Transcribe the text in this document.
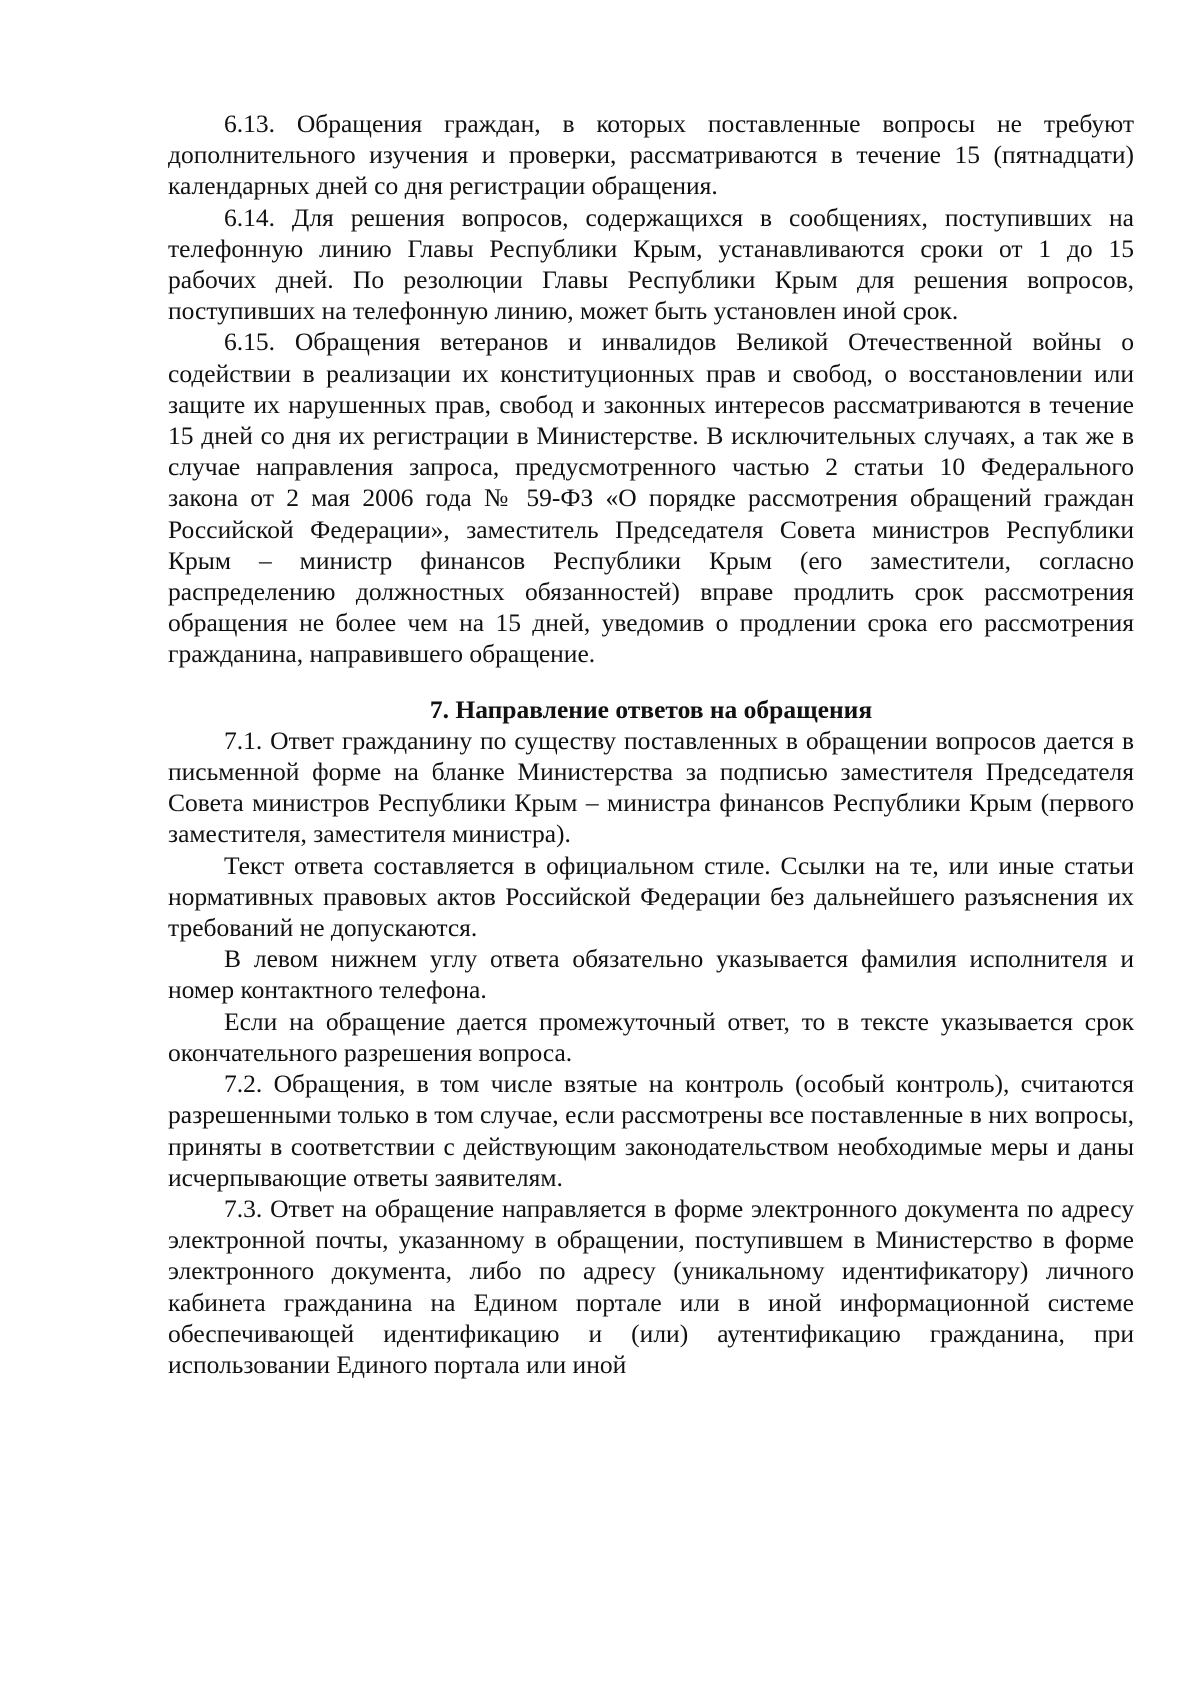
6.13. Обращения граждан, в которых поставленные вопросы не требуют дополнительного изучения и проверки, рассматриваются в течение 15 (пятнадцати) календарных дней со дня регистрации обращения.

6.14. Для решения вопросов, содержащихся в сообщениях, поступивших на телефонную линию Главы Республики Крым, устанавливаются сроки от 1 до 15 рабочих дней. По резолюции Главы Республики Крым для решения вопросов, поступивших на телефонную линию, может быть установлен иной срок.

6.15. Обращения ветеранов и инвалидов Великой Отечественной войны о содействии в реализации их конституционных прав и свобод, о восстановлении или защите их нарушенных прав, свобод и законных интересов рассматриваются в течение 15 дней со дня их регистрации в Министерстве. В исключительных случаях, а так же в случае направления запроса, предусмотренного частью 2 статьи 10 Федерального закона от 2 мая 2006 года № 59-ФЗ «О порядке рассмотрения обращений граждан Российской Федерации», заместитель Председателя Совета министров Республики Крым – министр финансов Республики Крым (его заместители, согласно распределению должностных обязанностей) вправе продлить срок рассмотрения обращения не более чем на 15 дней, уведомив о продлении срока его рассмотрения гражданина, направившего обращение.

7. Направление ответов на обращения

7.1. Ответ гражданину по существу поставленных в обращении вопросов дается в письменной форме на бланке Министерства за подписью заместителя Председателя Совета министров Республики Крым – министра финансов Республики Крым (первого заместителя, заместителя министра).

Текст ответа составляется в официальном стиле. Ссылки на те, или иные статьи нормативных правовых актов Российской Федерации без дальнейшего разъяснения их требований не допускаются.

В левом нижнем углу ответа обязательно указывается фамилия исполнителя и номер контактного телефона.

Если на обращение дается промежуточный ответ, то в тексте указывается срок окончательного разрешения вопроса.

7.2. Обращения, в том числе взятые на контроль (особый контроль), считаются разрешенными только в том случае, если рассмотрены все поставленные в них вопросы, приняты в соответствии с действующим законодательством необходимые меры и даны исчерпывающие ответы заявителям.

7.3. Ответ на обращение направляется в форме электронного документа по адресу электронной почты, указанному в обращении, поступившем в Министерство в форме электронного документа, либо по адресу (уникальному идентификатору) личного кабинета гражданина на Едином портале или в иной информационной системе обеспечивающей идентификацию и (или) аутентификацию гражданина, при использовании Единого портала или иной
